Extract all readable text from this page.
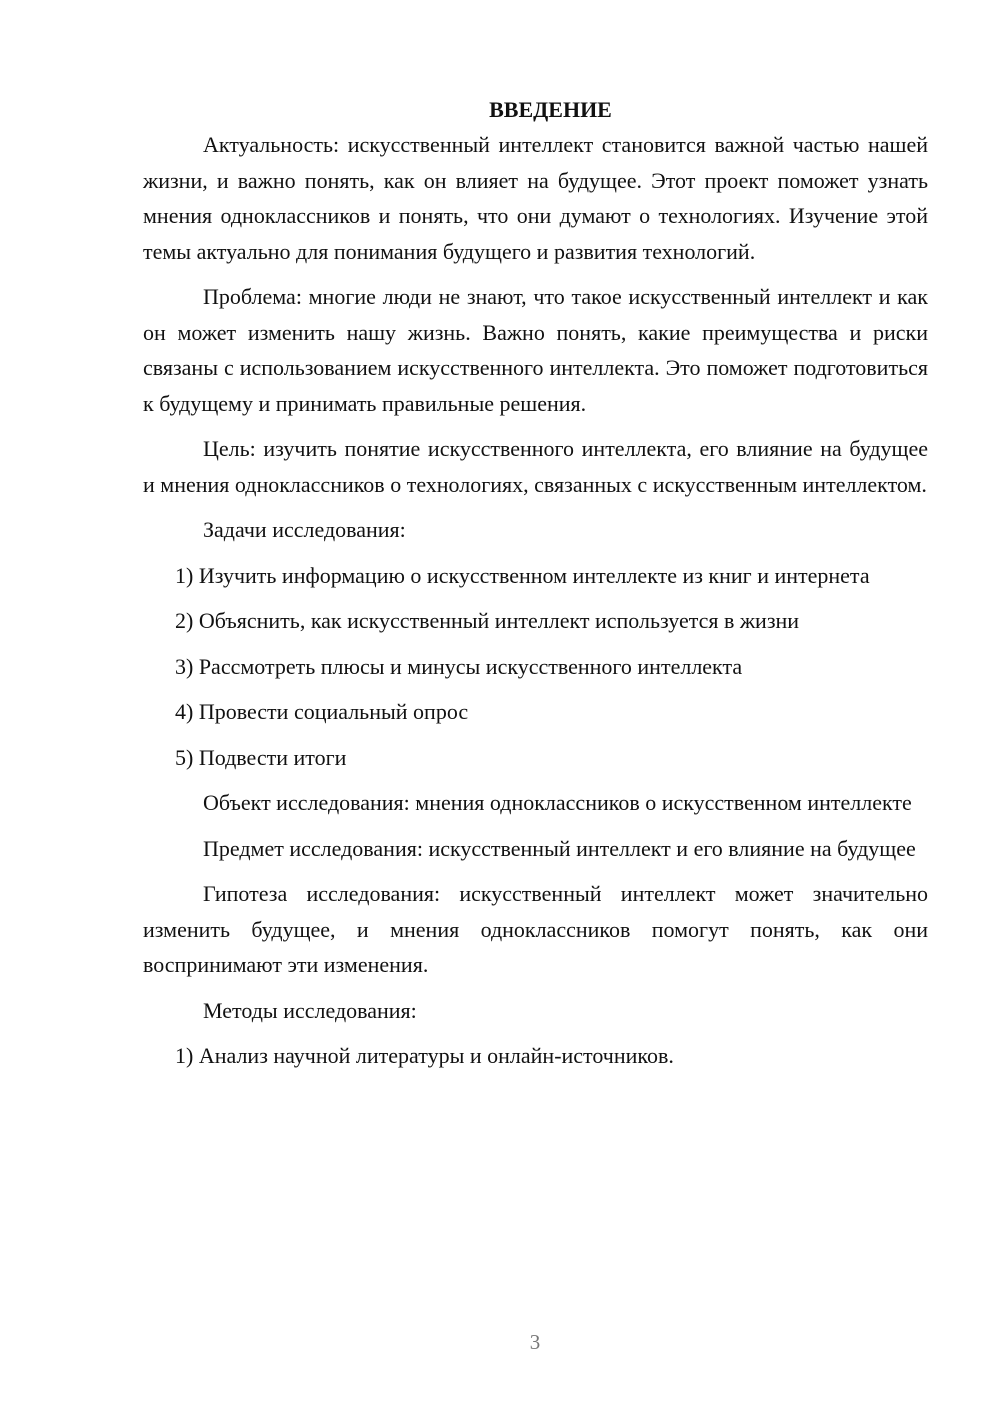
ВВЕДЕНИЕ

Актуальность: искусственный интеллект становится важной частью нашей жизни, и важно понять, как он влияет на будущее. Этот проект поможет узнать мнения одноклассников и понять, что они думают о технологиях. Изучение этой темы актуально для понимания будущего и развития технологий.

Проблема: многие люди не знают, что такое искусственный интеллект и как он может изменить нашу жизнь. Важно понять, какие преимущества и риски связаны с использованием искусственного интеллекта. Это поможет подготовиться к будущему и принимать правильные решения.

Цель: изучить понятие искусственного интеллекта, его влияние на будущее и мнения одноклассников о технологиях, связанных с искусственным интеллектом.

Задачи исследования:

1) Изучить информацию о искусственном интеллекте из книг и интернета

2) Объяснить, как искусственный интеллект используется в жизни

3) Рассмотреть плюсы и минусы искусственного интеллекта

4) Провести социальный опрос

5) Подвести итоги

Объект исследования: мнения одноклассников о искусственном интеллекте

Предмет исследования: искусственный интеллект и его влияние на будущее

Гипотеза исследования: искусственный интеллект может значительно изменить будущее, и мнения одноклассников помогут понять, как они воспринимают эти изменения.

Методы исследования:

1) Анализ научной литературы и онлайн-источников.

3
